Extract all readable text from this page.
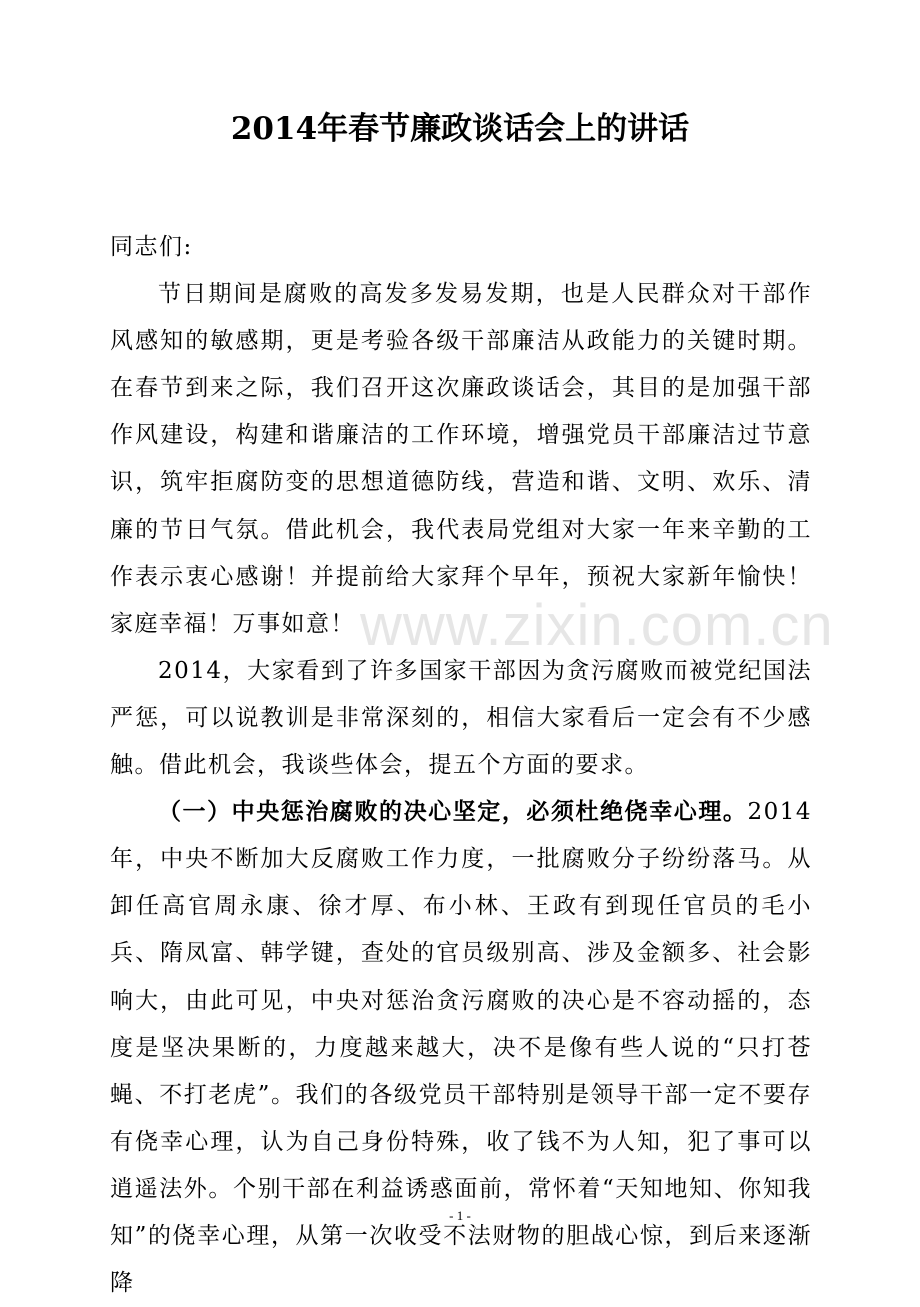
2014年春节廉政谈话会上的讲话

同志们:

节日期间是腐败的高发多发易发期，也是人民群众对干部作风感知的敏感期，更是考验各级干部廉洁从政能力的关键时期。在春节到来之际，我们召开这次廉政谈话会，其目的是加强干部作风建设，构建和谐廉洁的工作环境，增强党员干部廉洁过节意识，筑牢拒腐防变的思想道德防线，营造和谐、文明、欢乐、清廉的节日气氛。借此机会，我代表局党组对大家一年来辛勤的工作表示衷心感谢！并提前给大家拜个早年，预祝大家新年愉快！家庭幸福！万事如意！

2014，大家看到了许多国家干部因为贪污腐败而被党纪国法严惩，可以说教训是非常深刻的，相信大家看后一定会有不少感触。借此机会，我谈些体会，提五个方面的要求。

（一）中央惩治腐败的决心坚定，必须杜绝侥幸心理。2014年，中央不断加大反腐败工作力度，一批腐败分子纷纷落马。从卸任高官周永康、徐才厚、布小林、王政有到现任官员的毛小兵、隋凤富、韩学键，查处的官员级别高、涉及金额多、社会影响大，由此可见，中央对惩治贪污腐败的决心是不容动摇的，态度是坚决果断的，力度越来越大，决不是像有些人说的“只打苍蝇、不打老虎”。我们的各级党员干部特别是领导干部一定不要存有侥幸心理，认为自己身份特殊，收了钱不为人知，犯了事可以逍遥法外。个别干部在利益诱惑面前，常怀着“天知地知、你知我知”的侥幸心理，从第一次收受不法财物的胆战心惊，到后来逐渐降

www.zixin.com.cn
- 1 -
